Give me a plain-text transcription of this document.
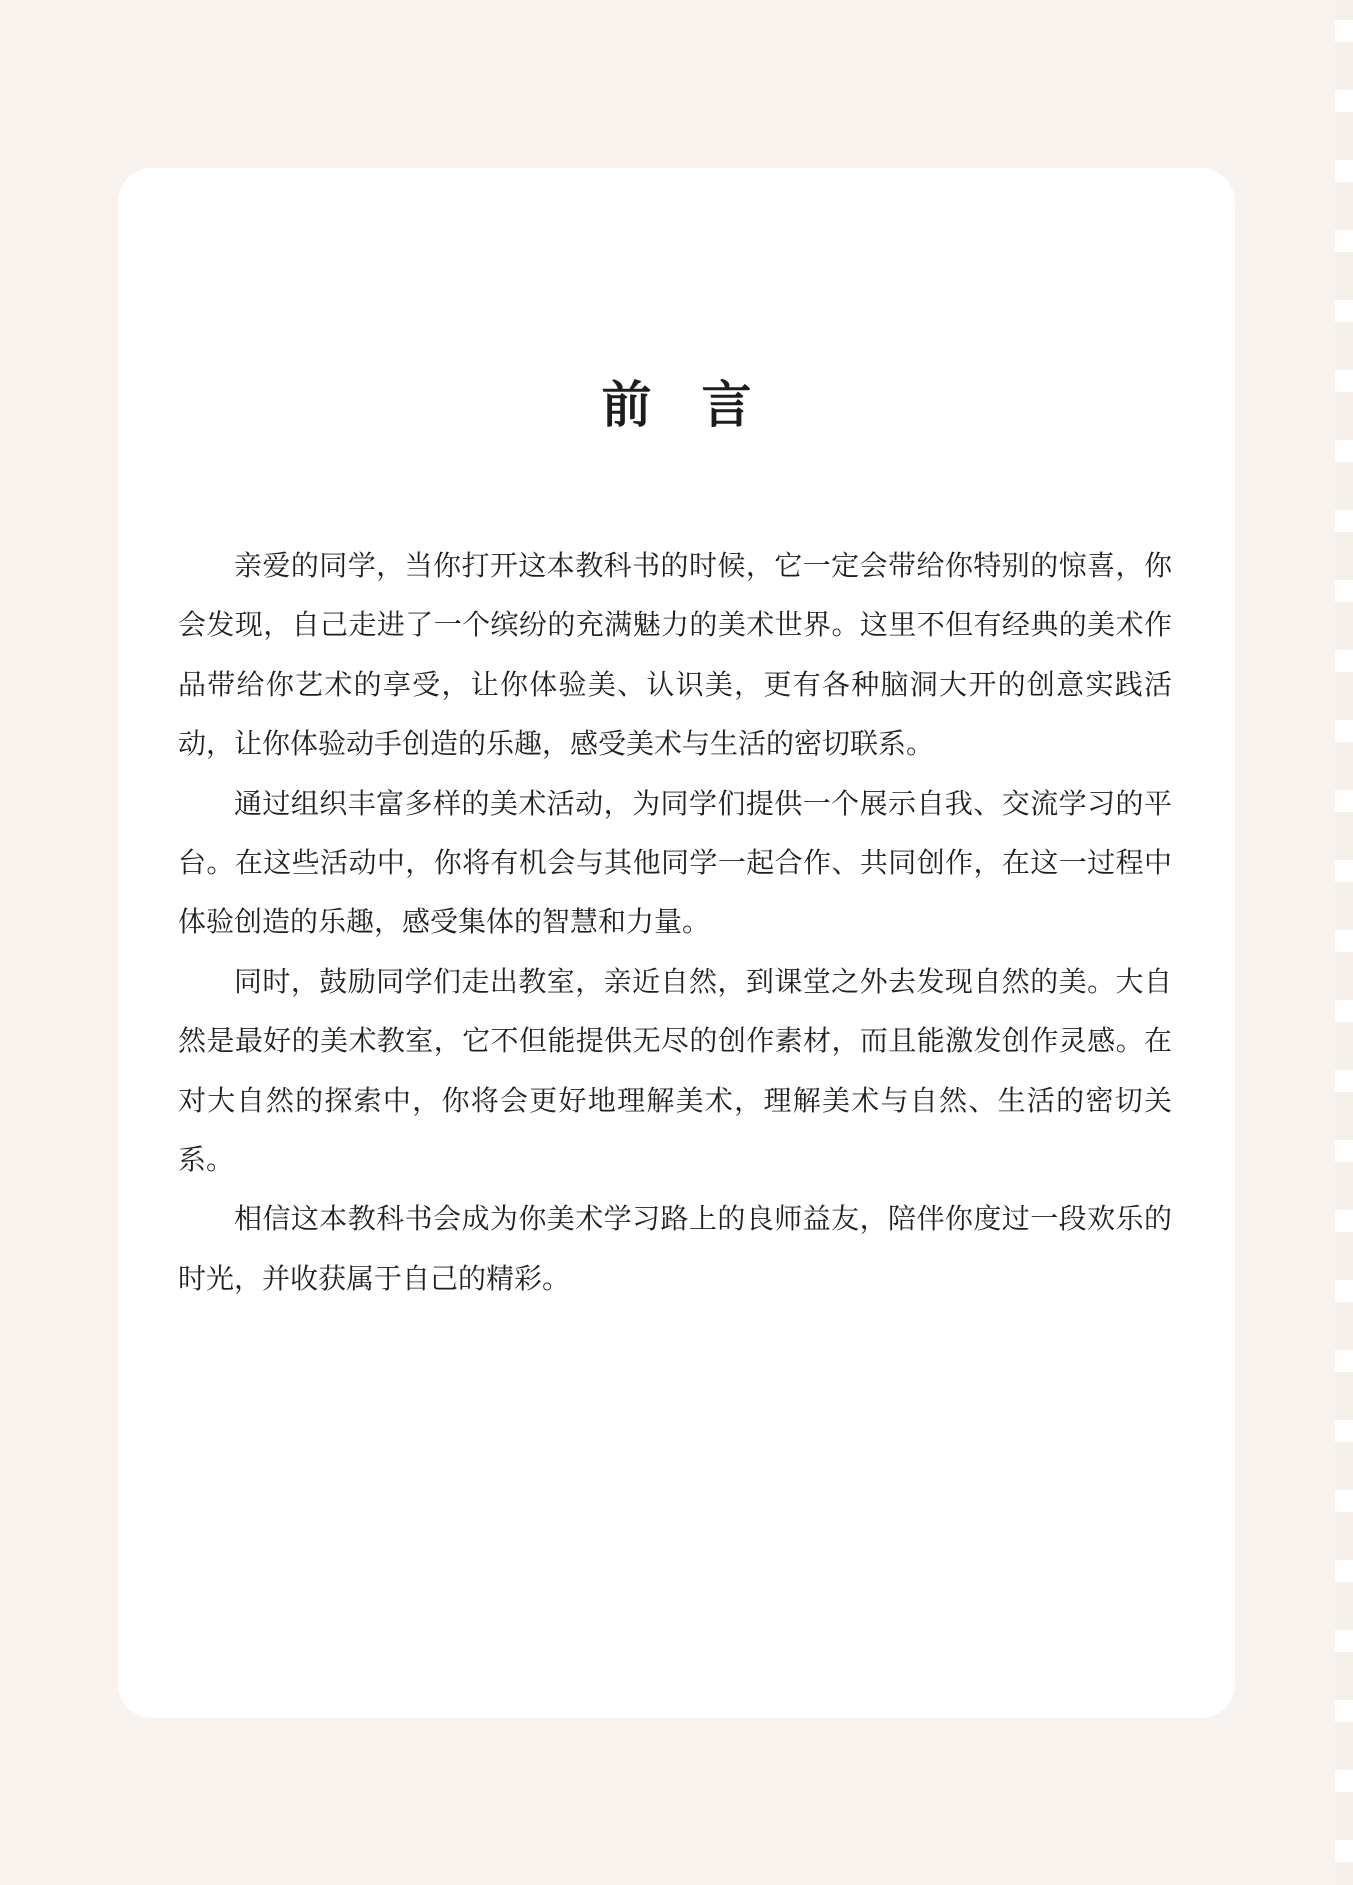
前　言

亲爱的同学，当你打开这本教科书的时候，它一定会带给你特别的惊喜，你会发现，自己走进了一个缤纷的充满魅力的美术世界。这里不但有经典的美术作品带给你艺术的享受，让你体验美、认识美，更有各种脑洞大开的创意实践活动，让你体验动手创造的乐趣，感受美术与生活的密切联系。

通过组织丰富多样的美术活动，为同学们提供一个展示自我、交流学习的平台。在这些活动中，你将有机会与其他同学一起合作、共同创作，在这一过程中体验创造的乐趣，感受集体的智慧和力量。

同时，鼓励同学们走出教室，亲近自然，到课堂之外去发现自然的美。大自然是最好的美术教室，它不但能提供无尽的创作素材，而且能激发创作灵感。在对大自然的探索中，你将会更好地理解美术，理解美术与自然、生活的密切关系。

相信这本教科书会成为你美术学习路上的良师益友，陪伴你度过一段欢乐的时光，并收获属于自己的精彩。
